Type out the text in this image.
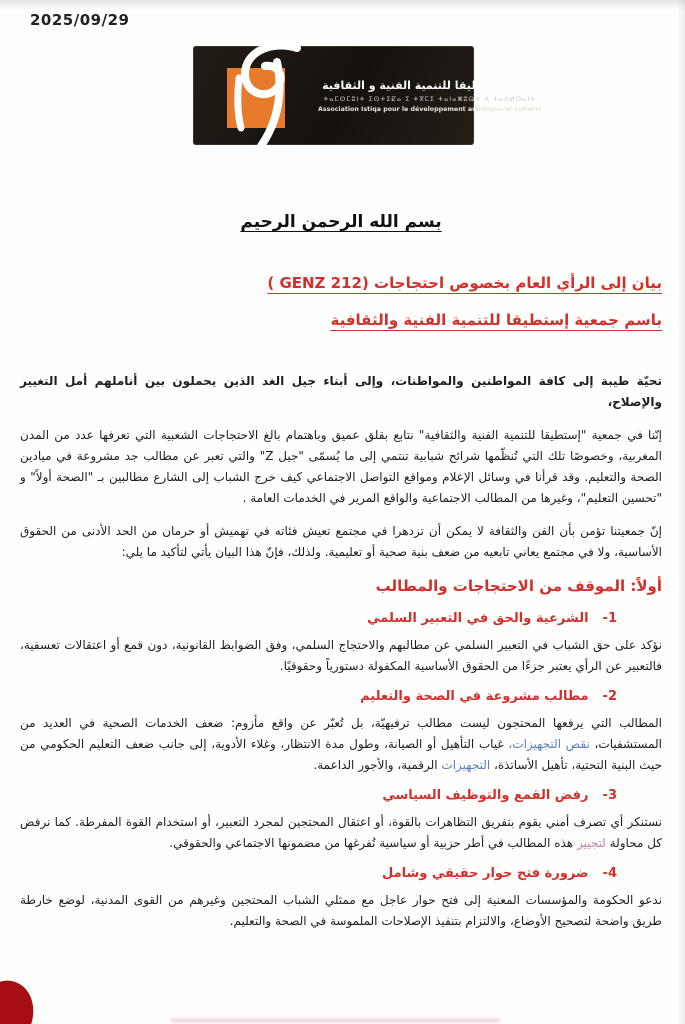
2025/09/29
جمعية إستطيقا للتنمية الفنية و الثقافية
ⵜⴰⵎⵙⵎⵓⵏⵜ ⵉⵙⵜⵉⵇⴰ ⵉ ⵜⴳⵎⵉ ⵜⴰⵏⴰⵥⵓⵕⵜ ⴷ ⵜⴰⴷⵍⵙⴰⵏⵜ
Association Istiqa pour le développement artistique et culturel
بسم الله الرحمن الرحيم
بيان إلى الرأي العام بخصوص احتجاجات (GENZ 212 )
باسم جمعية إستطيقا للتنمية الفنية والثقافية

تحيّة طيبة إلى كافة المواطنين والمواطنات، وإلى أبناء جيل الغد الذين يحملون بين أناملهم أمل التغيير والإصلاح،

إنّنا في جمعية "إستطيقا للتنمية الفنية والثقافية" نتابع بقلق عميق وباهتمام بالغ الاحتجاجات الشعبية التي تعرفها عدد من المدن المغربية، وخصوصًا تلك التي تُنظّمها شرائح شبابية تنتمي إلى ما يُسمّى "جيل Z" والتي تعبر عن مطالب جد مشروعة في ميادين الصحة والتعليم. وقد قرأنا في وسائل الإعلام ومواقع التواصل الاجتماعي كيف خرج الشباب إلى الشارع مطالبين بـ "الصحة أولاً" و "تحسين التعليم"، وغيرها من المطالب الاجتماعية والواقع المرير في الخدمات العامة .

إنّ جمعيتنا تؤمن بأن الفن والثقافة لا يمكن أن تزدهرا في مجتمع تعيش فئاته في تهميش أو حرمان من الحد الأدنى من الحقوق الأساسية، ولا في مجتمع يعاني تابعيه من ضعف بنية صحية أو تعليمية. ولذلك، فإنّ هذا البيان يأتي لتأكيد ما يلي:

أولاً: الموقف من الاحتجاجات والمطالب
1-الشرعية والحق في التعبير السلمي

نؤكد على حق الشباب في التعبير السلمي عن مطالبهم والاحتجاج السلمي، وفق الضوابط القانونية، دون قمع أو اعتقالات تعسفية، فالتعبير عن الرأي يعتبر جزءًا من الحقوق الأساسية المكفولة دستورياً وحقوقيًا.

2-مطالب مشروعة في الصحة والتعليم

المطالب التي يرفعها المحتجون ليست مطالب ترفيهيّة، بل تُعبّر عن واقع مأزوم: ضعف الخدمات الصحية في العديد من المستشفيات، نقص التجهيزات، غياب التأهيل أو الصيانة، وطول مدة الانتظار، وغلاء الأدوية، إلى جانب ضعف التعليم الحكومي من حيث البنية التحتية، تأهيل الأساتذة، التجهيزات الرقمية، والأجور الداعمة.

3-رفض القمع والتوظيف السياسي

نستنكر أي تصرف أمني يقوم بتفريق التظاهرات بالقوة، أو اعتقال المحتجين لمجرد التعبير، أو استخدام القوة المفرطة. كما نرفض كل محاولة لتجيير هذه المطالب في أطر حزبية أو سياسية تُفرغها من مضمونها الاجتماعي والحقوقي.

4-ضرورة فتح حوار حقيقي وشامل

ندعو الحكومة والمؤسسات المعنية إلى فتح حوار عاجل مع ممثلي الشباب المحتجين وغيرهم من القوى المدنية، لوضع خارطة طريق واضحة لتصحيح الأوضاع، والالتزام بتنفيذ الإصلاحات الملموسة في الصحة والتعليم.
